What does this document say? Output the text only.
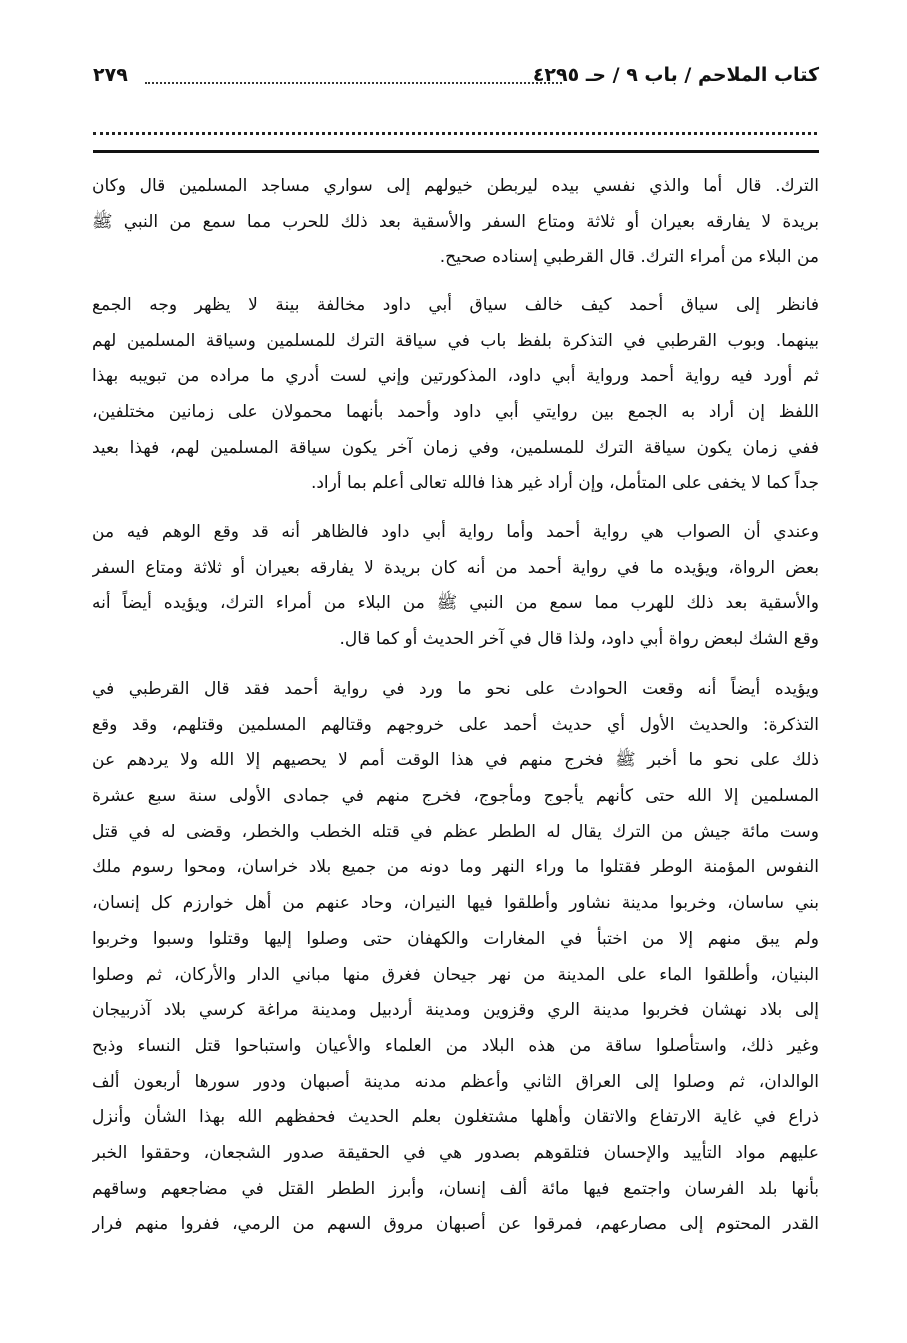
كتاب الملاحم / باب ٩ / حـ ٤٢٩٥
٢٧٩
الترك. قال أما والذي نفسي بيده ليربطن خيولهم إلى سواري مساجد المسلمين قال وكان
بريدة لا يفارقه بعيران أو ثلاثة ومتاع السفر والأسقية بعد ذلك للحرب مما سمع من النبي ﷺ
من البلاء من أمراء الترك. قال القرطبي إسناده صحيح.
فانظر إلى سياق أحمد كيف خالف سياق أبي داود مخالفة بينة لا يظهر وجه الجمع
بينهما. وبوب القرطبي في التذكرة بلفظ باب في سياقة الترك للمسلمين وسياقة المسلمين لهم
ثم أورد فيه رواية أحمد ورواية أبي داود، المذكورتين وإني لست أدري ما مراده من تبويبه بهذا
اللفظ إن أراد به الجمع بين روايتي أبي داود وأحمد بأنهما محمولان على زمانين مختلفين،
ففي زمان يكون سياقة الترك للمسلمين، وفي زمان آخر يكون سياقة المسلمين لهم، فهذا بعيد
جداً كما لا يخفى على المتأمل، وإن أراد غير هذا فالله تعالى أعلم بما أراد.
وعندي أن الصواب هي رواية أحمد وأما رواية أبي داود فالظاهر أنه قد وقع الوهم فيه من
بعض الرواة، ويؤيده ما في رواية أحمد من أنه كان بريدة لا يفارقه بعيران أو ثلاثة ومتاع السفر
والأسقية بعد ذلك للهرب مما سمع من النبي ﷺ من البلاء من أمراء الترك، ويؤيده أيضاً أنه
وقع الشك لبعض رواة أبي داود، ولذا قال في آخر الحديث أو كما قال.
ويؤيده أيضاً أنه وقعت الحوادث على نحو ما ورد في رواية أحمد فقد قال القرطبي في
التذكرة: والحديث الأول أي حديث أحمد على خروجهم وقتالهم المسلمين وقتلهم، وقد وقع
ذلك على نحو ما أخبر ﷺ فخرج منهم في هذا الوقت أمم لا يحصيهم إلا الله ولا يردهم عن
المسلمين إلا الله حتى كأنهم يأجوج ومأجوج، فخرج منهم في جمادى الأولى سنة سبع عشرة
وست مائة جيش من الترك يقال له الططر عظم في قتله الخطب والخطر، وقضى له في قتل
النفوس المؤمنة الوطر فقتلوا ما وراء النهر وما دونه من جميع بلاد خراسان، ومحوا رسوم ملك
بني ساسان، وخربوا مدينة نشاور وأطلقوا فيها النيران، وحاد عنهم من أهل خوارزم كل إنسان،
ولم يبق منهم إلا من اختبأ في المغارات والكهفان حتى وصلوا إليها وقتلوا وسبوا وخربوا
البنيان، وأطلقوا الماء على المدينة من نهر جيحان فغرق منها مباني الدار والأركان، ثم وصلوا
إلى بلاد نهشان فخربوا مدينة الري وقزوين ومدينة أردبيل ومدينة مراغة كرسي بلاد آذربيجان
وغير ذلك، واستأصلوا ساقة من هذه البلاد من العلماء والأعيان واستباحوا قتل النساء وذبح
الوالدان، ثم وصلوا إلى العراق الثاني وأعظم مدنه مدينة أصبهان ودور سورها أربعون ألف
ذراع في غاية الارتفاع والاتقان وأهلها مشتغلون بعلم الحديث فحفظهم الله بهذا الشأن وأنزل
عليهم مواد التأييد والإحسان فتلقوهم بصدور هي في الحقيقة صدور الشجعان، وحققوا الخبر
بأنها بلد الفرسان واجتمع فيها مائة ألف إنسان، وأبرز الططر القتل في مضاجعهم وساقهم
القدر المحتوم إلى مصارعهم، فمرقوا عن أصبهان مروق السهم من الرمي، ففروا منهم فرار
